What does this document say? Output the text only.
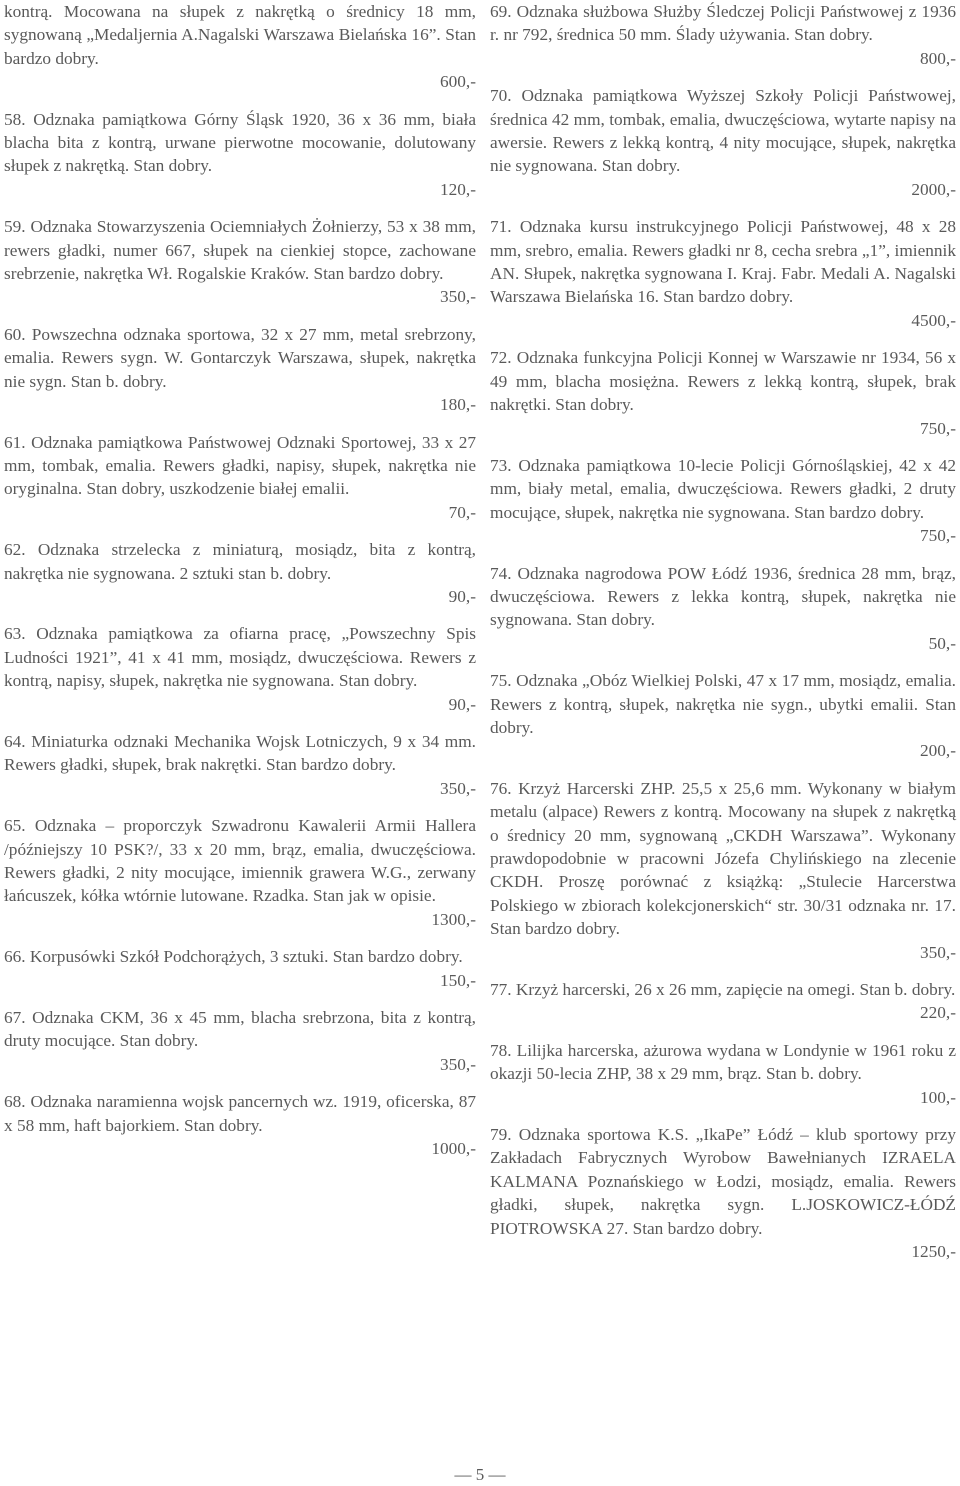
kontrą. Mocowana na słupek z nakrętką o średnicy 18 mm, sygnowaną „Medaljernia A.Nagalski Warszawa Bielańska 16”. Stan bardzo dobry.
600,-
58. Odznaka pamiątkowa Górny Śląsk 1920, 36 x 36 mm, biała blacha bita z kontrą, urwane pierwotne mocowanie, dolutowany słupek z nakrętką. Stan dobry.
120,-
59. Odznaka Stowarzyszenia Ociemniałych Żołnierzy, 53 x 38 mm, rewers gładki, numer 667, słupek na cienkiej stopce, zachowane srebrzenie, nakrętka Wł. Rogalskie Kraków. Stan bardzo dobry.
350,-
60. Powszechna odznaka sportowa, 32 x 27 mm, metal srebrzony, emalia. Rewers sygn. W. Gontarczyk Warszawa, słupek, nakrętka nie sygn. Stan b. dobry.
180,-
61. Odznaka pamiątkowa Państwowej Odznaki Sportowej, 33 x 27 mm, tombak, emalia. Rewers gładki, napisy, słupek, nakrętka nie oryginalna. Stan dobry, uszkodzenie białej emalii.
70,-
62. Odznaka strzelecka z miniaturą, mosiądz, bita z kontrą, nakrętka nie sygnowana. 2 sztuki stan b. dobry.
90,-
63. Odznaka pamiątkowa za ofiarna pracę, „Powszechny Spis Ludności 1921”, 41 x 41 mm, mosiądz, dwuczęściowa. Rewers z kontrą, napisy, słupek, nakrętka nie sygnowana. Stan dobry.
90,-
64. Miniaturka odznaki Mechanika Wojsk Lotniczych, 9 x 34 mm. Rewers gładki, słupek, brak nakrętki. Stan bardzo dobry.
350,-
65. Odznaka – proporczyk Szwadronu Kawalerii Armii Hallera /późniejszy 10 PSK?/, 33 x 20 mm, brąz, emalia, dwuczęściowa. Rewers gładki, 2 nity mocujące, imiennik grawera W.G., zerwany łańcuszek, kółka wtórnie lutowane. Rzadka. Stan jak w opisie.
1300,-
66. Korpusówki Szkół Podchorążych, 3 sztuki. Stan bardzo dobry.
150,-
67. Odznaka CKM, 36 x 45 mm, blacha srebrzona, bita z kontrą, druty mocujące. Stan dobry.
350,-
68. Odznaka naramienna wojsk pancernych wz. 1919, oficerska, 87 x 58 mm, haft bajorkiem. Stan dobry.
1000,-
69. Odznaka służbowa Służby Śledczej Policji Państwowej z 1936 r. nr 792, średnica 50 mm. Ślady używania. Stan dobry.
800,-
70. Odznaka pamiątkowa Wyższej Szkoły Policji Państwowej, średnica 42 mm, tombak, emalia, dwuczęściowa, wytarte napisy na awersie. Rewers z lekką kontrą, 4 nity mocujące, słupek, nakrętka nie sygnowana. Stan dobry.
2000,-
71. Odznaka kursu instrukcyjnego Policji Państwowej, 48 x 28 mm, srebro, emalia. Rewers gładki nr 8, cecha srebra „1”, imiennik AN. Słupek, nakrętka sygnowana I. Kraj. Fabr. Medali A. Nagalski Warszawa Bielańska 16. Stan bardzo dobry.
4500,-
72. Odznaka funkcyjna Policji Konnej w Warszawie nr 1934, 56 x 49 mm, blacha mosiężna. Rewers z lekką kontrą, słupek, brak nakrętki. Stan dobry.
750,-
73. Odznaka pamiątkowa 10-lecie Policji Górnośląskiej, 42 x 42 mm, biały metal, emalia, dwuczęściowa. Rewers gładki, 2 druty mocujące, słupek, nakrętka nie sygnowana. Stan bardzo dobry.
750,-
74. Odznaka nagrodowa POW Łódź 1936, średnica 28 mm, brąz, dwuczęściowa. Rewers z lekka kontrą, słupek, nakrętka nie sygnowana. Stan dobry.
50,-
75. Odznaka „Obóz Wielkiej Polski, 47 x 17 mm, mosiądz, emalia. Rewers z kontrą, słupek, nakrętka nie sygn., ubytki emalii. Stan dobry.
200,-
76. Krzyż Harcerski ZHP. 25,5 x 25,6 mm. Wykonany w białym metalu (alpace) Rewers z kontrą. Mocowany na słupek z nakrętką o średnicy 20 mm, sygnowaną „CKDH Warszawa”. Wykonany prawdopodobnie w pracowni Józefa Chylińskiego na zlecenie CKDH. Proszę porównać z książką: „Stulecie Harcerstwa Polskiego w zbiorach kolekcjonerskich“ str. 30/31 odznaka nr. 17. Stan bardzo dobry.
350,-
77. Krzyż harcerski, 26 x 26 mm, zapięcie na omegi. Stan b. dobry.
220,-
78. Lilijka harcerska, ażurowa wydana w Londynie w 1961 roku z okazji 50-lecia ZHP, 38 x 29 mm, brąz. Stan b. dobry.
100,-
79. Odznaka sportowa K.S. „IkaPe” Łódź – klub sportowy przy Zakładach Fabrycznych Wyrobow Bawełnianych IZRAELA KALMANA Poznańskiego w Łodzi, mosiądz, emalia. Rewers gładki, słupek, nakrętka sygn. L.JOSKOWICZ-ŁÓDŹ PIOTROWSKA 27. Stan bardzo dobry.
1250,-
— 5 —
